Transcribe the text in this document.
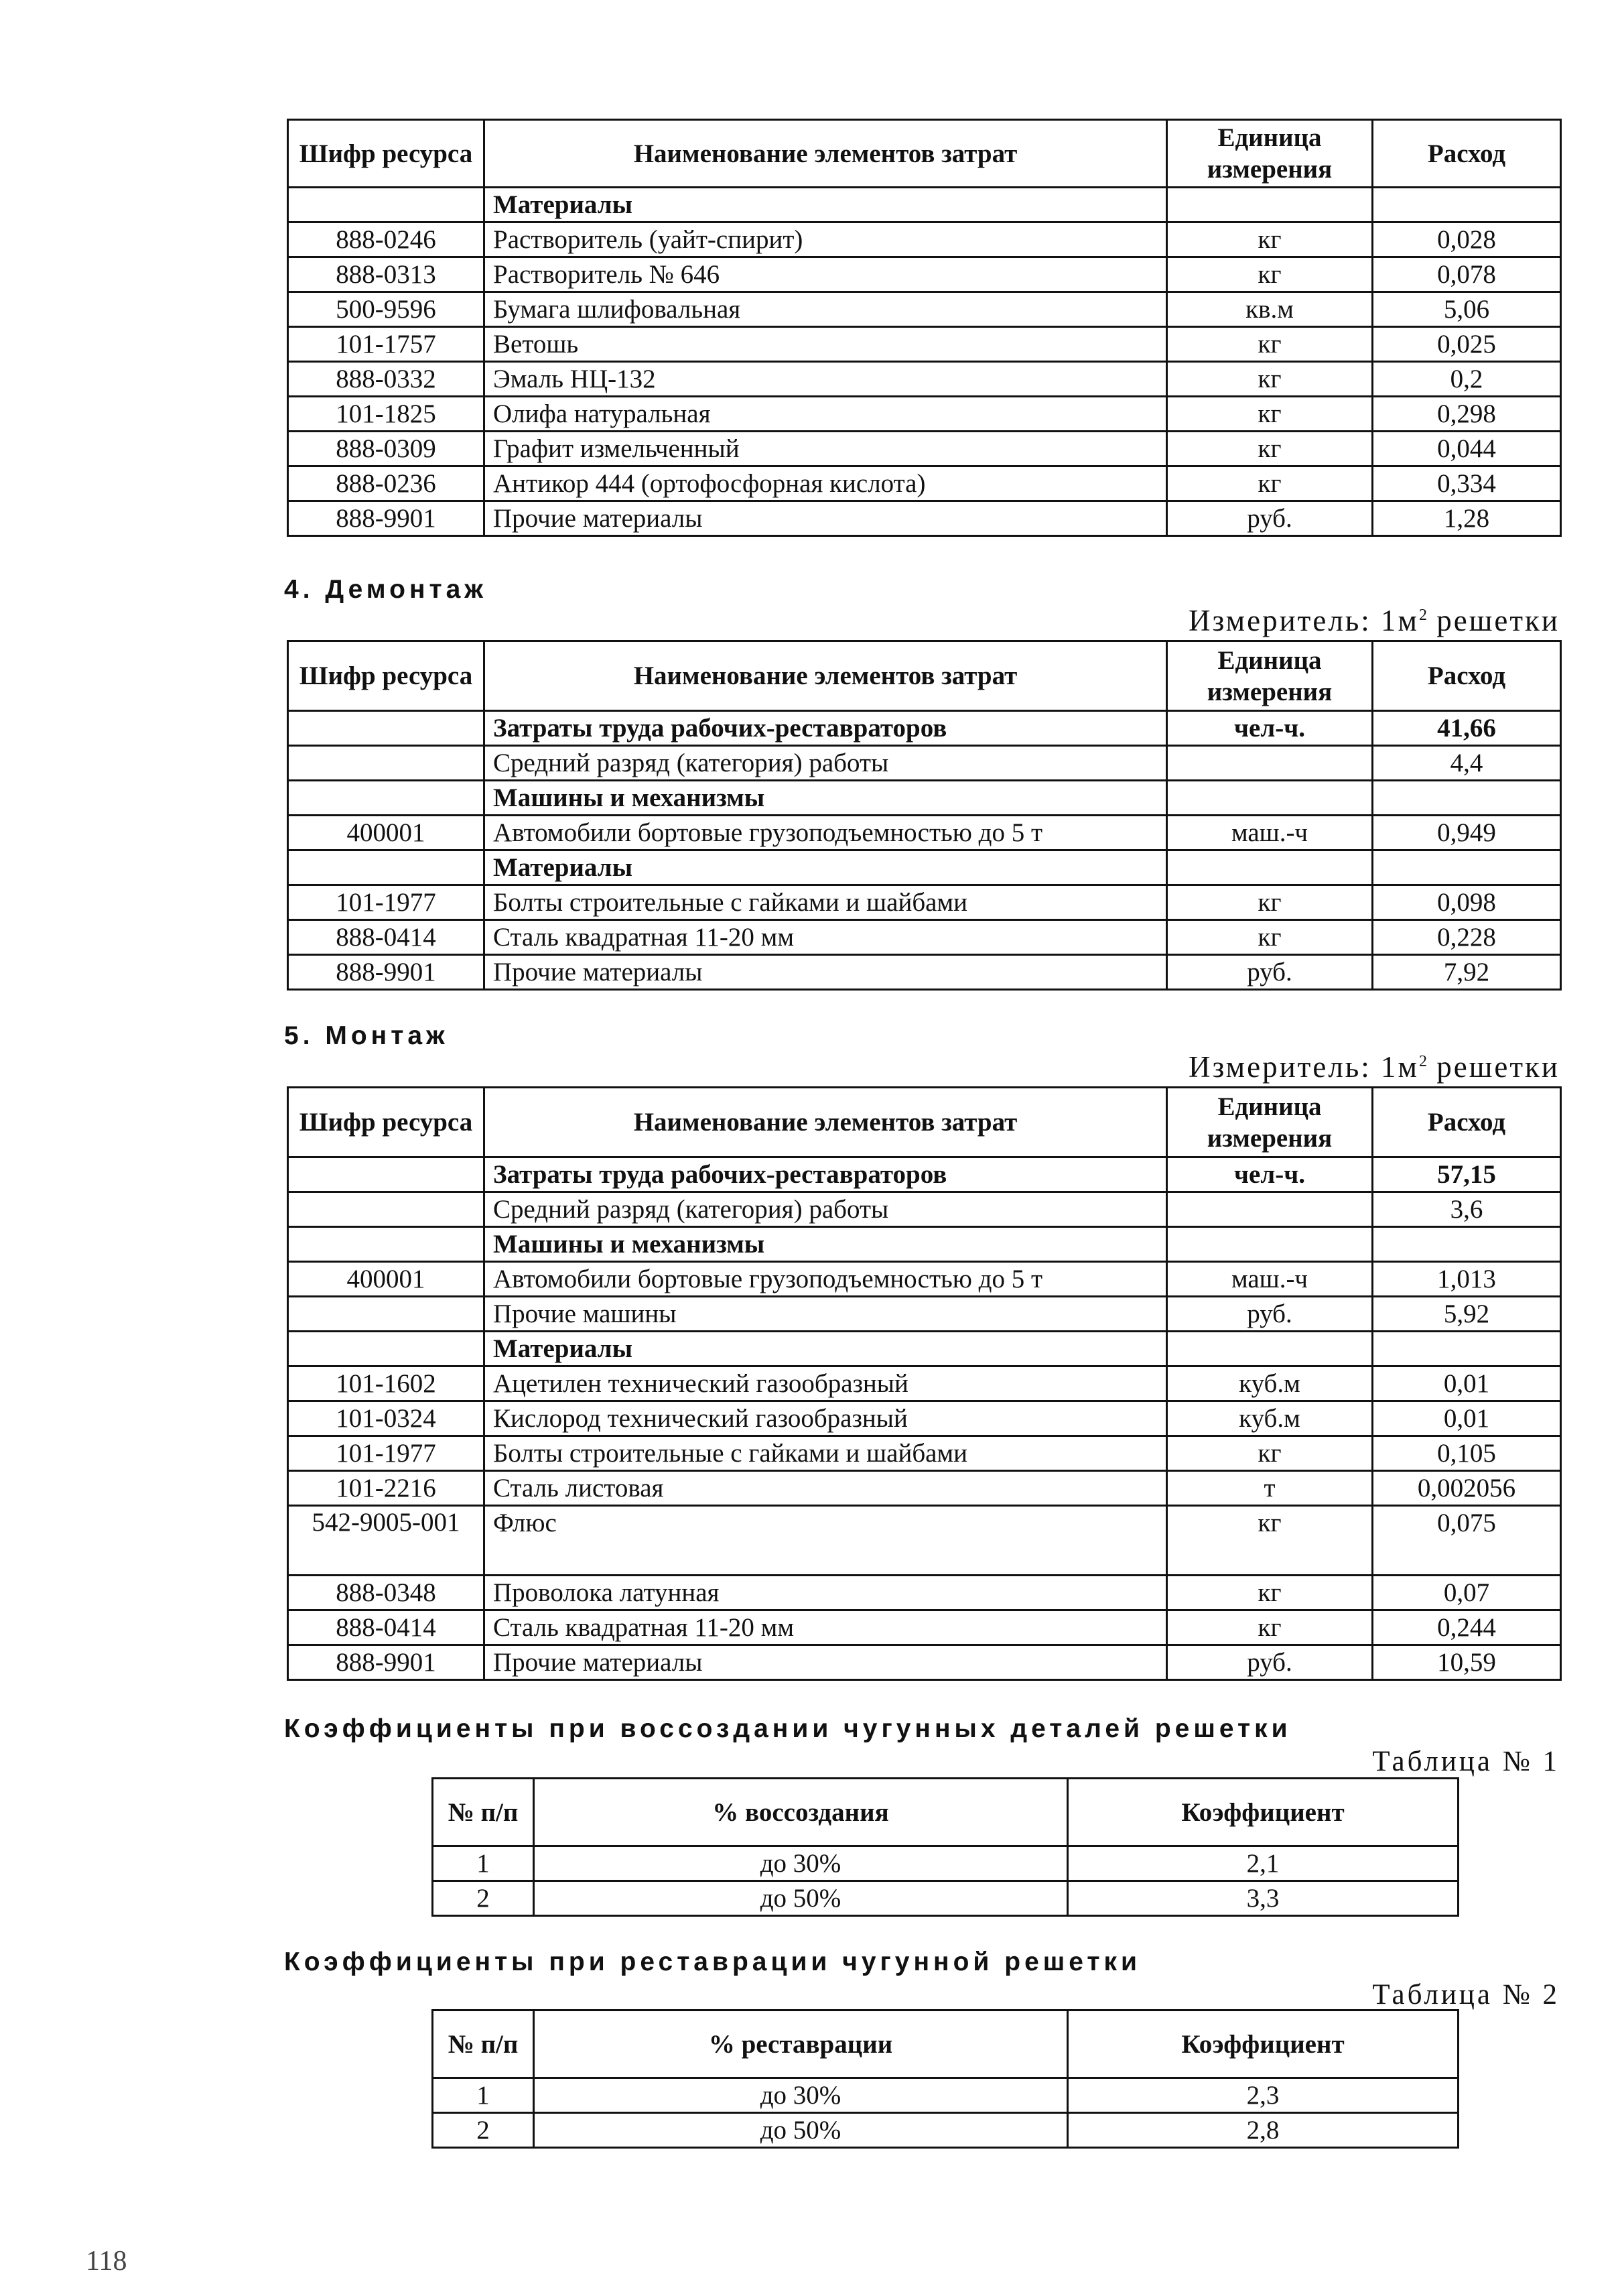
Шифр ресурса	Наименование элементов затрат	Единица измерения	Расход
	Материалы		
888-0246	Растворитель (уайт-спирит)	кг	0,028
888-0313	Растворитель № 646	кг	0,078
500-9596	Бумага шлифовальная	кв.м	5,06
101-1757	Ветошь	кг	0,025
888-0332	Эмаль НЦ-132	кг	0,2
101-1825	Олифа натуральная	кг	0,298
888-0309	Графит измельченный	кг	0,044
888-0236	Антикор 444 (ортофосфорная кислота)	кг	0,334
888-9901	Прочие материалы	руб.	1,28
4. Демонтаж
Измеритель: $1м^2$ решетки
Шифр ресурса	Наименование элементов затрат	Единица измерения	Расход
	Затраты труда рабочих-реставраторов	чел-ч.	41,66
	Средний разряд (категория) работы		4,4
	Машины и механизмы		
400001	Автомобили бортовые грузоподъемностью до 5 т	маш.-ч	0,949
	Материалы		
101-1977	Болты строительные с гайками и шайбами	кг	0,098
888-0414	Сталь квадратная 11-20 мм	кг	0,228
888-9901	Прочие материалы	руб.	7,92
5. Монтаж
Измеритель: $1м^2$ решетки
Шифр ресурса	Наименование элементов затрат	Единица измерения	Расход
	Затраты труда рабочих-реставраторов	чел-ч.	57,15
	Средний разряд (категория) работы		3,6
	Машины и механизмы		
400001	Автомобили бортовые грузоподъемностью до 5 т	маш.-ч	1,013
	Прочие машины	руб.	5,92
	Материалы		
101-1602	Ацетилен технический газообразный	куб.м	0,01
101-0324	Кислород технический газообразный	куб.м	0,01
101-1977	Болты строительные с гайками и шайбами	кг	0,105
101-2216	Сталь листовая	т	0,002056
542-9005-001	Флюс	кг	0,075
888-0348	Проволока латунная	кг	0,07
888-0414	Сталь квадратная 11-20 мм	кг	0,244
888-9901	Прочие материалы	руб.	10,59
Коэффициенты при воссоздании чугунных деталей решетки
Таблица № 1
№ п/п	% воссоздания	Коэффициент
1	до 30%	2,1
2	до 50%	3,3
Коэффициенты при реставрации чугунной решетки
Таблица № 2
№ п/п	% реставрации	Коэффициент
1	до 30%	2,3
2	до 50%	2,8
118
